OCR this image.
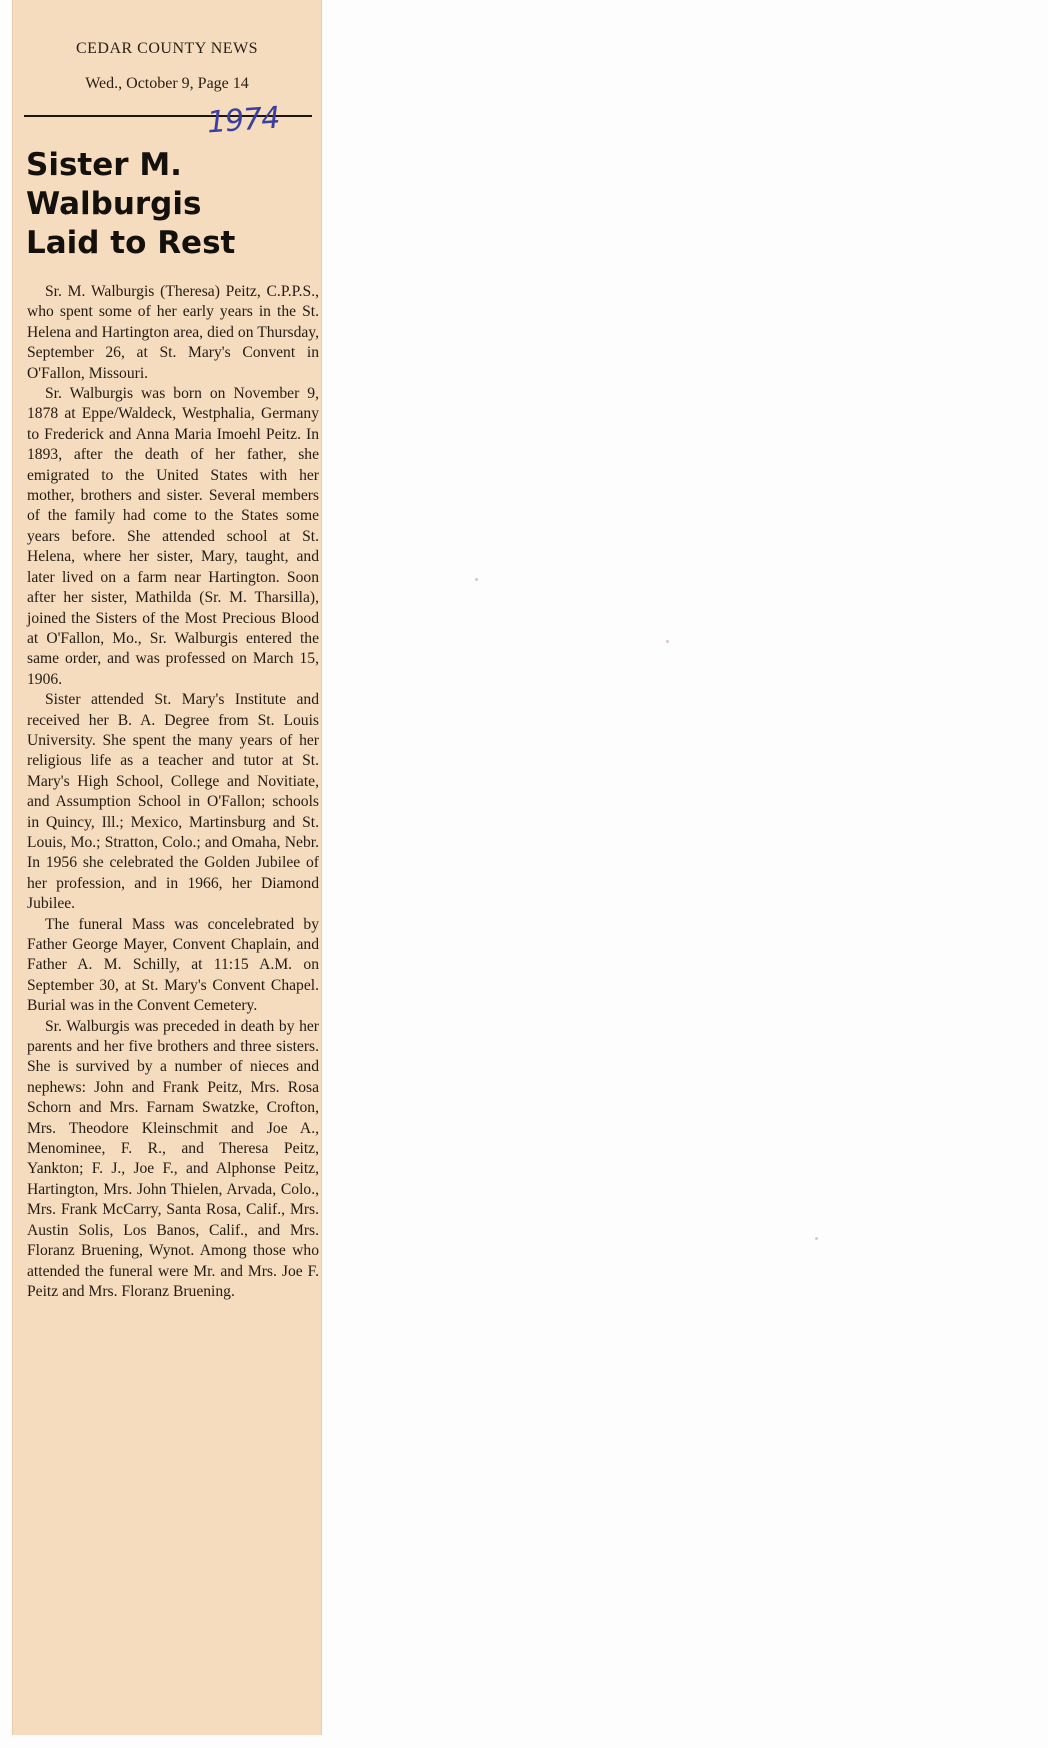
CEDAR COUNTY NEWS
Wed., October 9, Page 14
1974
Sister M.
Walburgis
Laid to Rest

Sr. M. Walburgis (Theresa) Peitz, C.P.P.S., who spent some of her early years in the St. Helena and Hartington area, died on Thursday, September 26, at St. Mary's Convent in O'Fallon, Missouri.

Sr. Walburgis was born on November 9, 1878 at Eppe/Waldeck, Westphalia, Germany to Frederick and Anna Maria Imoehl Peitz. In 1893, after the death of her father, she emigrated to the United States with her mother, brothers and sister. Several members of the family had come to the States some years before. She attended school at St. Helena, where her sister, Mary, taught, and later lived on a farm near Hartington. Soon after her sister, Mathilda (Sr. M. Tharsilla), joined the Sisters of the Most Precious Blood at O'Fallon, Mo., Sr. Walburgis entered the same order, and was professed on March 15, 1906.

Sister attended St. Mary's Institute and received her B. A. Degree from St. Louis University. She spent the many years of her religious life as a teacher and tutor at St. Mary's High School, College and Novitiate, and Assumption School in O'Fallon; schools in Quincy, Ill.; Mexico, Martinsburg and St. Louis, Mo.; Stratton, Colo.; and Omaha, Nebr. In 1956 she celebrated the Golden Jubilee of her profession, and in 1966, her Diamond Jubilee.

The funeral Mass was concelebrated by Father George Mayer, Convent Chaplain, and Father A. M. Schilly, at 11:15 A.M. on September 30, at St. Mary's Convent Chapel. Burial was in the Convent Cemetery.

Sr. Walburgis was preceded in death by her parents and her five brothers and three sisters. She is survived by a number of nieces and nephews: John and Frank Peitz, Mrs. Rosa Schorn and Mrs. Farnam Swatzke, Crofton, Mrs. Theodore Kleinschmit and Joe A., Menominee, F. R., and Theresa Peitz, Yankton; F. J., Joe F., and Alphonse Peitz, Hartington, Mrs. John Thielen, Arvada, Colo., Mrs. Frank McCarry, Santa Rosa, Calif., Mrs. Austin Solis, Los Banos, Calif., and Mrs. Floranz Bruening, Wynot. Among those who attended the funeral were Mr. and Mrs. Joe F. Peitz and Mrs. Floranz Bruening.
